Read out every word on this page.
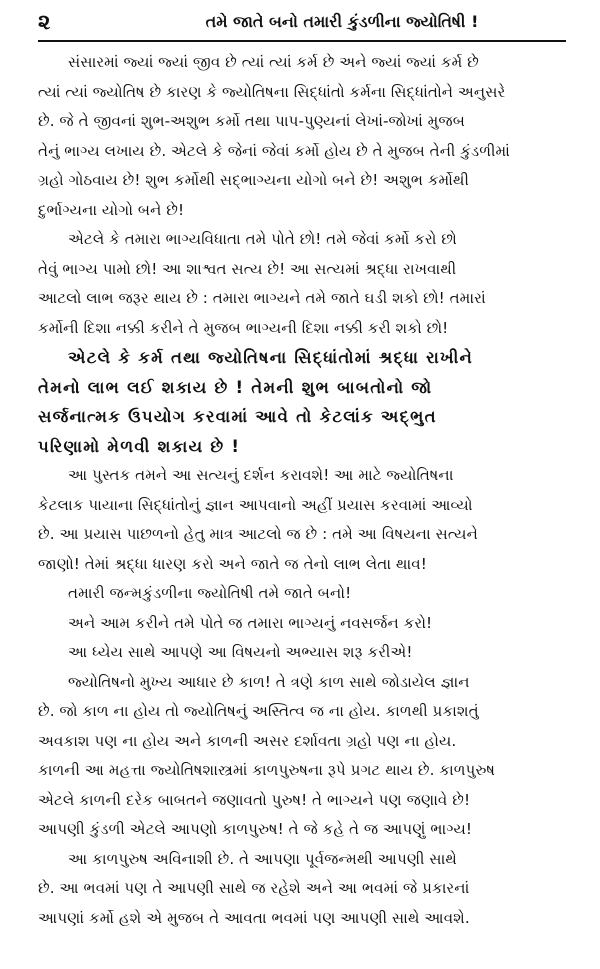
૨	તમે જાતે બનો તમારી કુંડળીના જ્યોતિષી !
સંસારમાં જ્યાં જ્યાં જીવ છે ત્યાં ત્યાં કર્મ છે અને જ્યાં જ્યાં કર્મ છે
ત્યાં ત્યાં જ્યોતિષ છે કારણ કે જ્યોતિષના સિદ્ધાંતો કર્મના સિદ્ધાંતોને અનુસરે
છે. જે તે જીવનાં શુભ-અશુભ કર્મો તથા પાપ-પુણ્યનાં લેખાં-જોખાં મુજબ
તેનું ભાગ્ય લખાય છે. એટલે કે જેનાં જેવાં કર્મો હોય છે તે મુજબ તેની કુંડળીમાં
ગ્રહો ગોઠવાય છે! શુભ કર્મોથી સદ્ભાગ્યના યોગો બને છે! અશુભ કર્મોથી
દુર્ભાગ્યના યોગો બને છે!
એટલે કે તમારા ભાગ્યવિધાતા તમે પોતે છો! તમે જેવાં કર્મો કરો છો
તેવું ભાગ્ય પામો છો! આ શાશ્વત સત્ય છે! આ સત્યમાં શ્રદ્ધા રાખવાથી
આટલો લાભ જરૂર થાય છે : તમારા ભાગ્યને તમે જાતે ઘડી શકો છો! તમારાં
કર્મોની દિશા નક્કી કરીને તે મુજબ ભાગ્યની દિશા નક્કી કરી શકો છો!
એટલે કે કર્મ તથા જ્યોતિષના સિદ્ધાંતોમાં શ્રદ્ધા રાખીને
તેમનો લાભ લઈ શકાય છે ! તેમની શુભ બાબતોનો જો
સર્જનાત્મક ઉપયોગ કરવામાં આવે તો કેટલાંક અદ્ભુત
પરિણામો મેળવી શકાય છે !
આ પુસ્તક તમને આ સત્યનું દર્શન કરાવશે! આ માટે જ્યોતિષના
કેટલાક પાયાના સિદ્ધાંતોનું જ્ઞાન આપવાનો અહીં પ્રયાસ કરવામાં આવ્યો
છે. આ પ્રયાસ પાછળનો હેતુ માત્ર આટલો જ છે : તમે આ વિષયના સત્યને
જાણો! તેમાં શ્રદ્ધા ધારણ કરો અને જાતે જ તેનો લાભ લેતા થાવ!
તમારી જન્મકુંડળીના જ્યોતિષી તમે જાતે બનો!
અને આમ કરીને તમે પોતે જ તમારા ભાગ્યનું નવસર્જન કરો!
આ ધ્યેય સાથે આપણે આ વિષયનો અભ્યાસ શરૂ કરીએ!
જ્યોતિષનો મુખ્ય આધાર છે કાળ! તે ત્રણે કાળ સાથે જોડાયેલ જ્ઞાન
છે. જો કાળ ના હોય તો જ્યોતિષનું અસ્તિત્વ જ ના હોય. કાળથી પ્રકાશતું
અવકાશ પણ ના હોય અને કાળની અસર દર્શાવતા ગ્રહો પણ ના હોય.
કાળની આ મહત્તા જ્યોતિષશાસ્ત્રમાં કાળપુરુષના રૂપે પ્રગટ થાય છે. કાળપુરુષ
એટલે કાળની દરેક બાબતને જણાવતો પુરુષ! તે ભાગ્યને પણ જણાવે છે!
આપણી કુંડળી એટલે આપણો કાળપુરુષ! તે જે કહે તે જ આપણું ભાગ્ય!
આ કાળપુરુષ અવિનાશી છે. તે આપણા પૂર્વજન્મથી આપણી સાથે
છે. આ ભવમાં પણ તે આપણી સાથે જ રહેશે અને આ ભવમાં જે પ્રકારનાં
આપણાં કર્મો હશે એ મુજબ તે આવતા ભવમાં પણ આપણી સાથે આવશે.
